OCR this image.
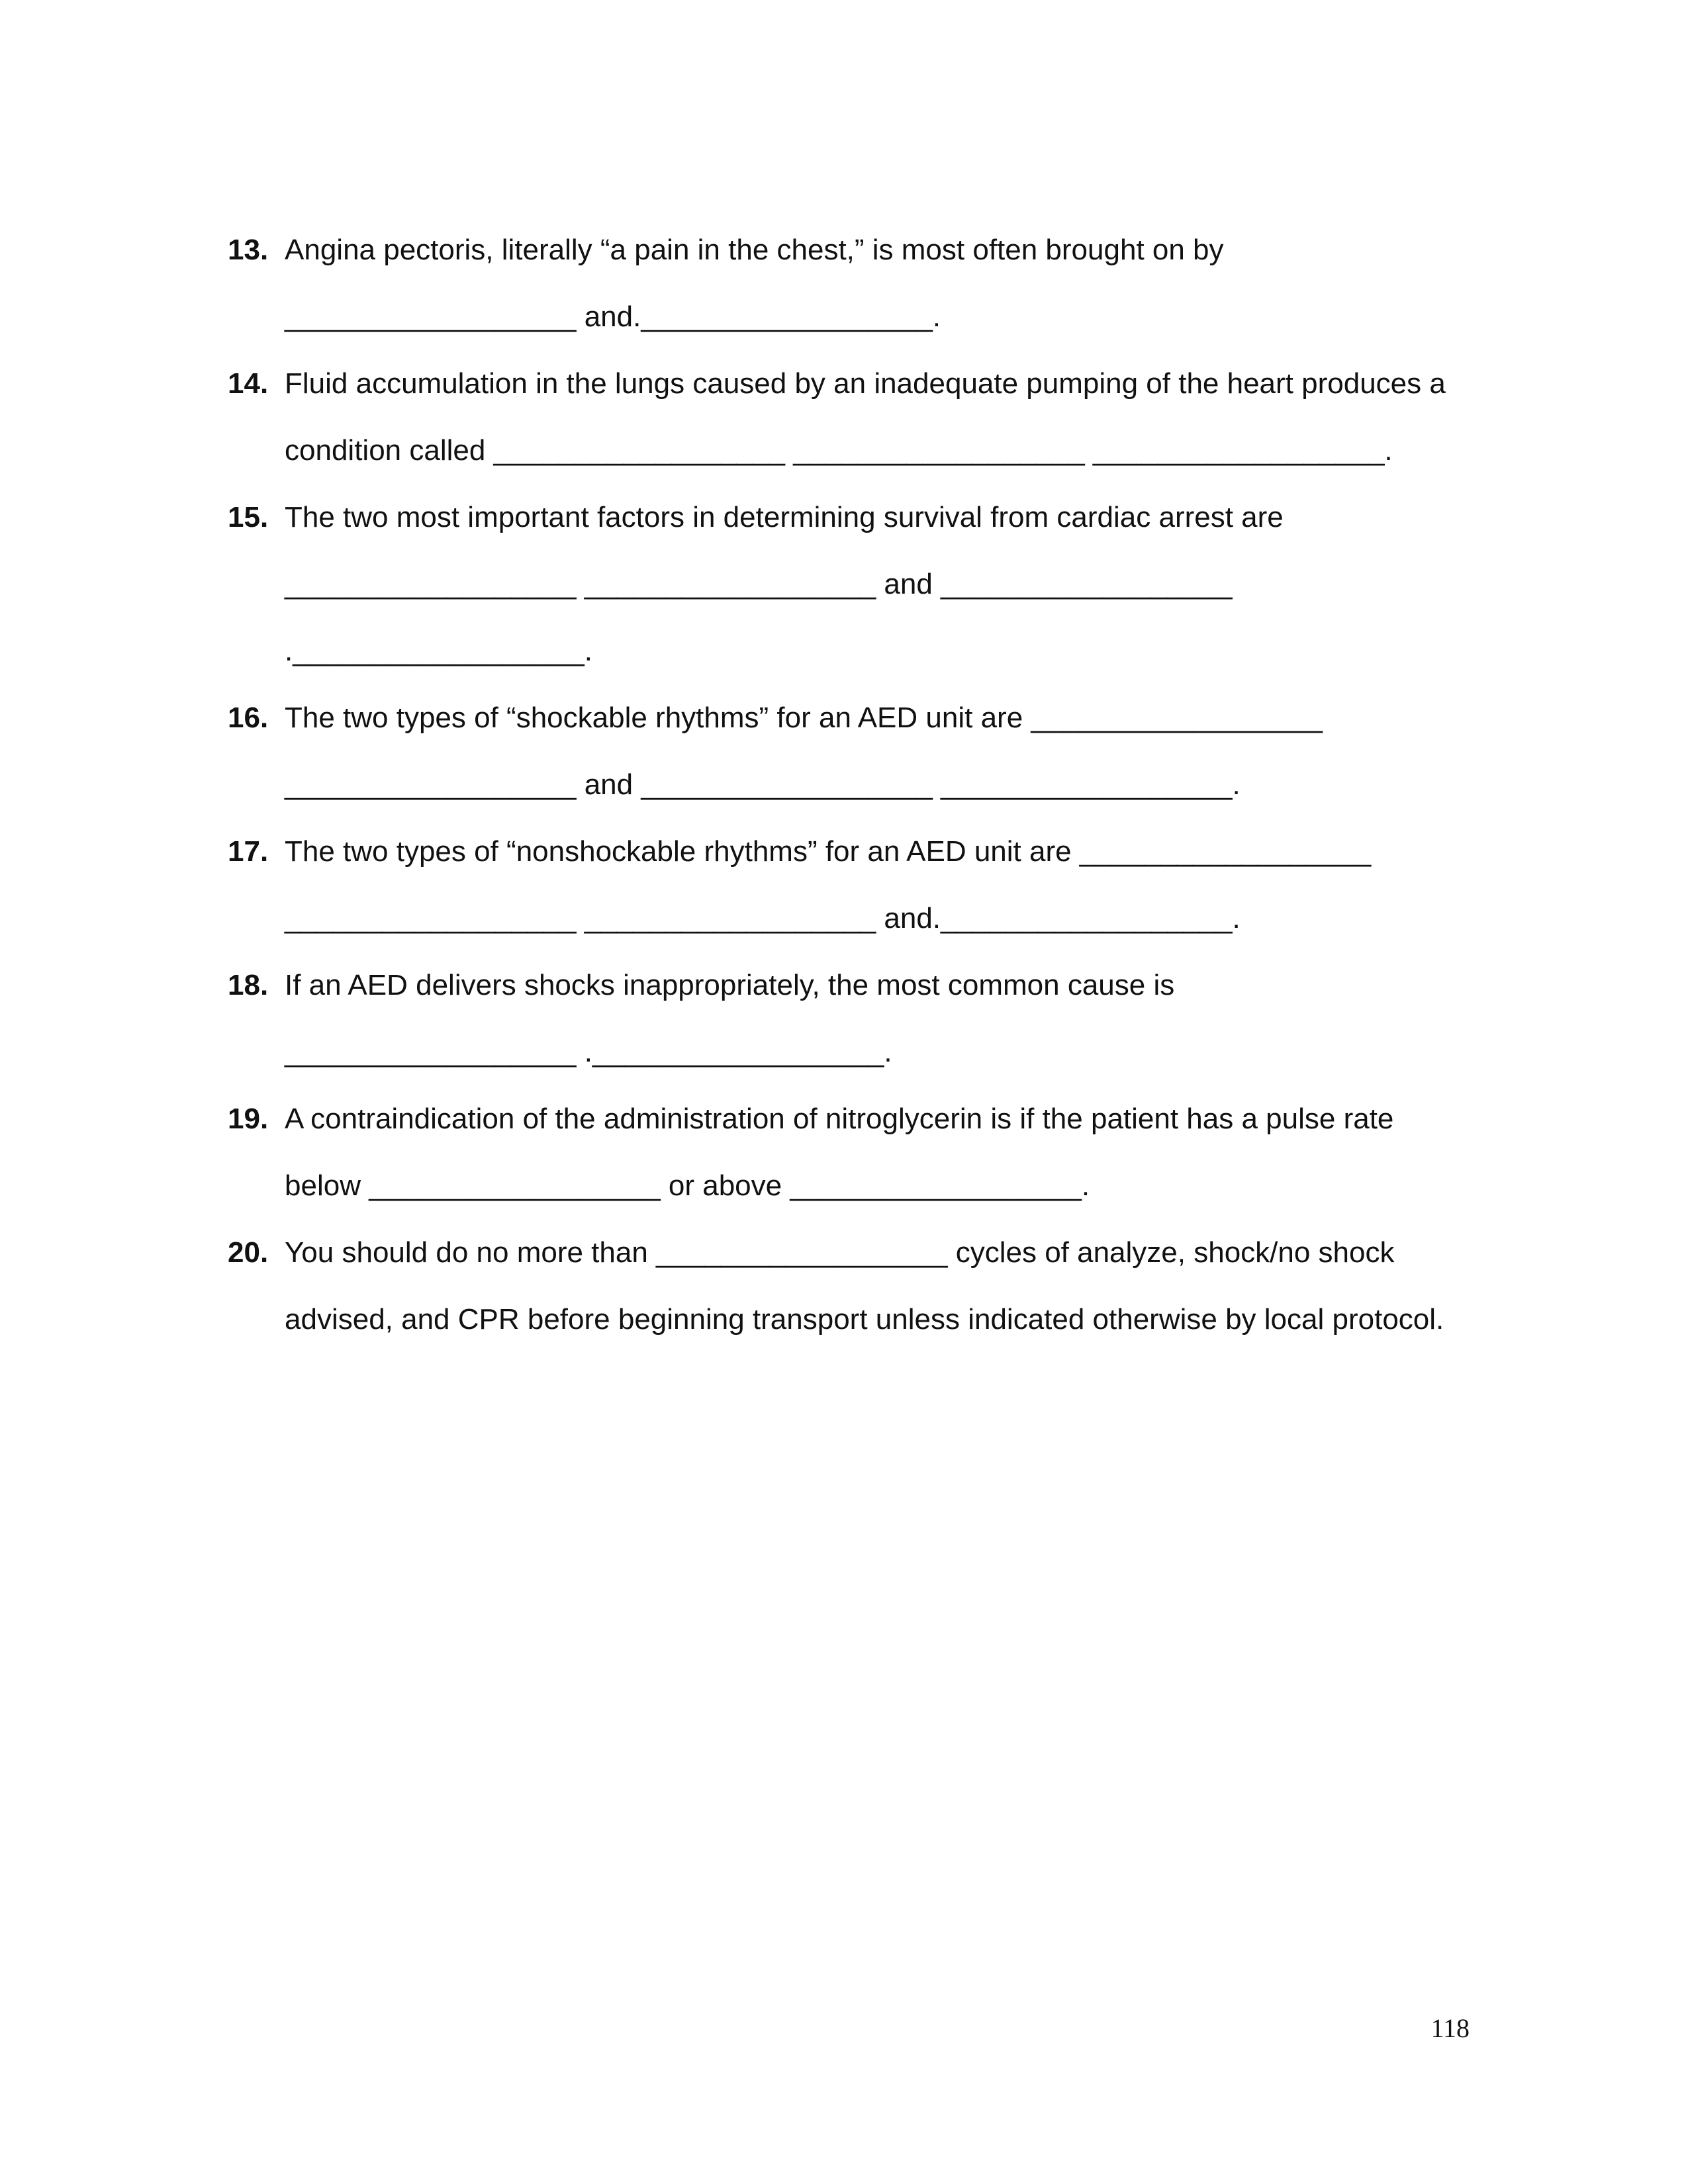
13. Angina pectoris, literally “a pain in the chest,” is most often brought on by
__________________ and.__________________.
14. Fluid accumulation in the lungs caused by an inadequate pumping of the heart produces a
condition called __________________ __________________ __________________.
15. The two most important factors in determining survival from cardiac arrest are
__________________ __________________ and __________________
.__________________.
16. The two types of “shockable rhythms” for an AED unit are __________________
__________________ and __________________ __________________.
17. The two types of “nonshockable rhythms” for an AED unit are __________________
__________________ __________________ and.__________________.
18. If an AED delivers shocks inappropriately, the most common cause is
__________________ .__________________.
19. A contraindication of the administration of nitroglycerin is if the patient has a pulse rate
below __________________ or above __________________.
20. You should do no more than __________________ cycles of analyze, shock/no shock
advised, and CPR before beginning transport unless indicated otherwise by local protocol.
118
